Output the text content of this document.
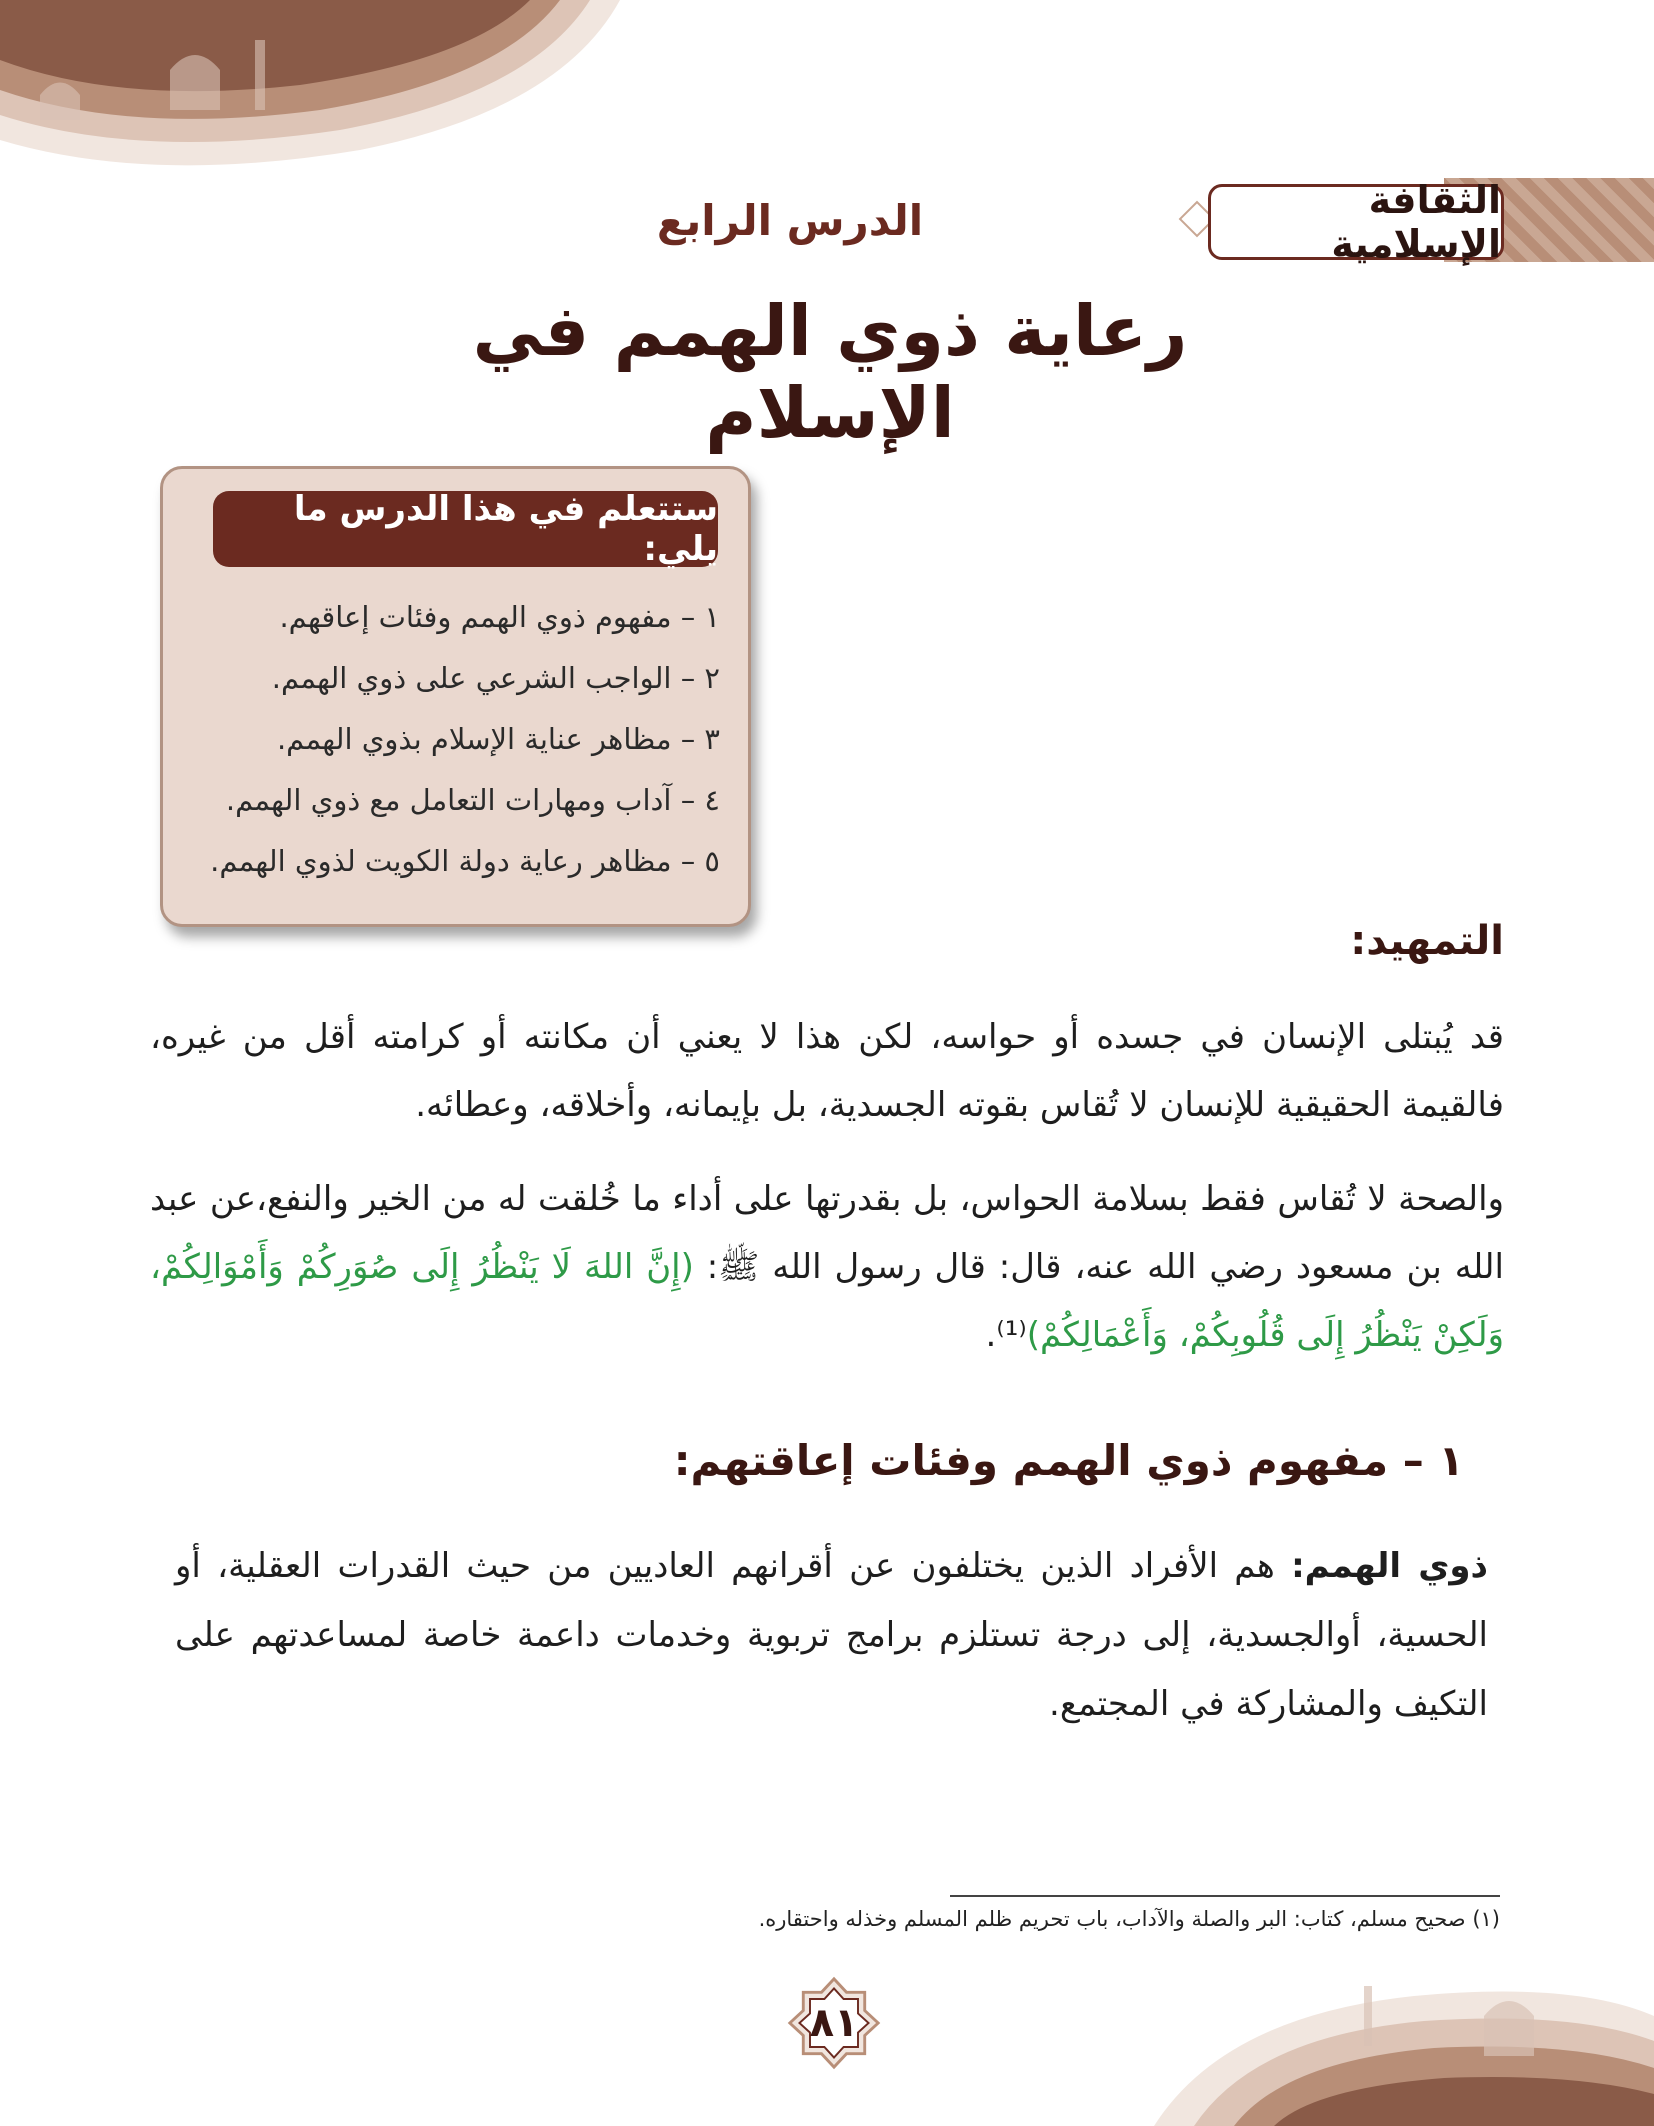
الثقافة الإسلامية
الدرس الرابع
رعاية ذوي الهمم في الإسلام
ستتعلم في هذا الدرس ما يلي:
١ – مفهوم ذوي الهمم وفئات إعاقهم.
٢ – الواجب الشرعي على ذوي الهمم.
٣ – مظاهر عناية الإسلام بذوي الهمم.
٤ – آداب ومهارات التعامل مع ذوي الهمم.
٥ – مظاهر رعاية دولة الكويت لذوي الهمم.
التمهيد:

قد يُبتلى الإنسان في جسده أو حواسه، لكن هذا لا يعني أن مكانته أو كرامته أقل من غيره، فالقيمة الحقيقية للإنسان لا تُقاس بقوته الجسدية، بل بإيمانه، وأخلاقه، وعطائه.

والصحة لا تُقاس فقط بسلامة الحواس، بل بقدرتها على أداء ما خُلقت له من الخير والنفع،عن عبد الله بن مسعود رضي الله عنه، قال: قال رسول الله ﷺ: (إِنَّ اللهَ لَا يَنْظُرُ إِلَى صُوَرِكُمْ وَأَمْوَالِكُمْ، وَلَكِنْ يَنْظُرُ إِلَى قُلُوبِكُمْ، وَأَعْمَالِكُمْ)⁽¹⁾.

١ – مفهوم ذوي الهمم وفئات إعاقتهم:

ذوي الهمم: هم الأفراد الذين يختلفون عن أقرانهم العاديين من حيث القدرات العقلية، أو الحسية، أوالجسدية، إلى درجة تستلزم برامج تربوية وخدمات داعمة خاصة لمساعدتهم على التكيف والمشاركة في المجتمع.

(١) صحيح مسلم، كتاب: البر والصلة والآداب، باب تحريم ظلم المسلم وخذله واحتقاره.
٨١
